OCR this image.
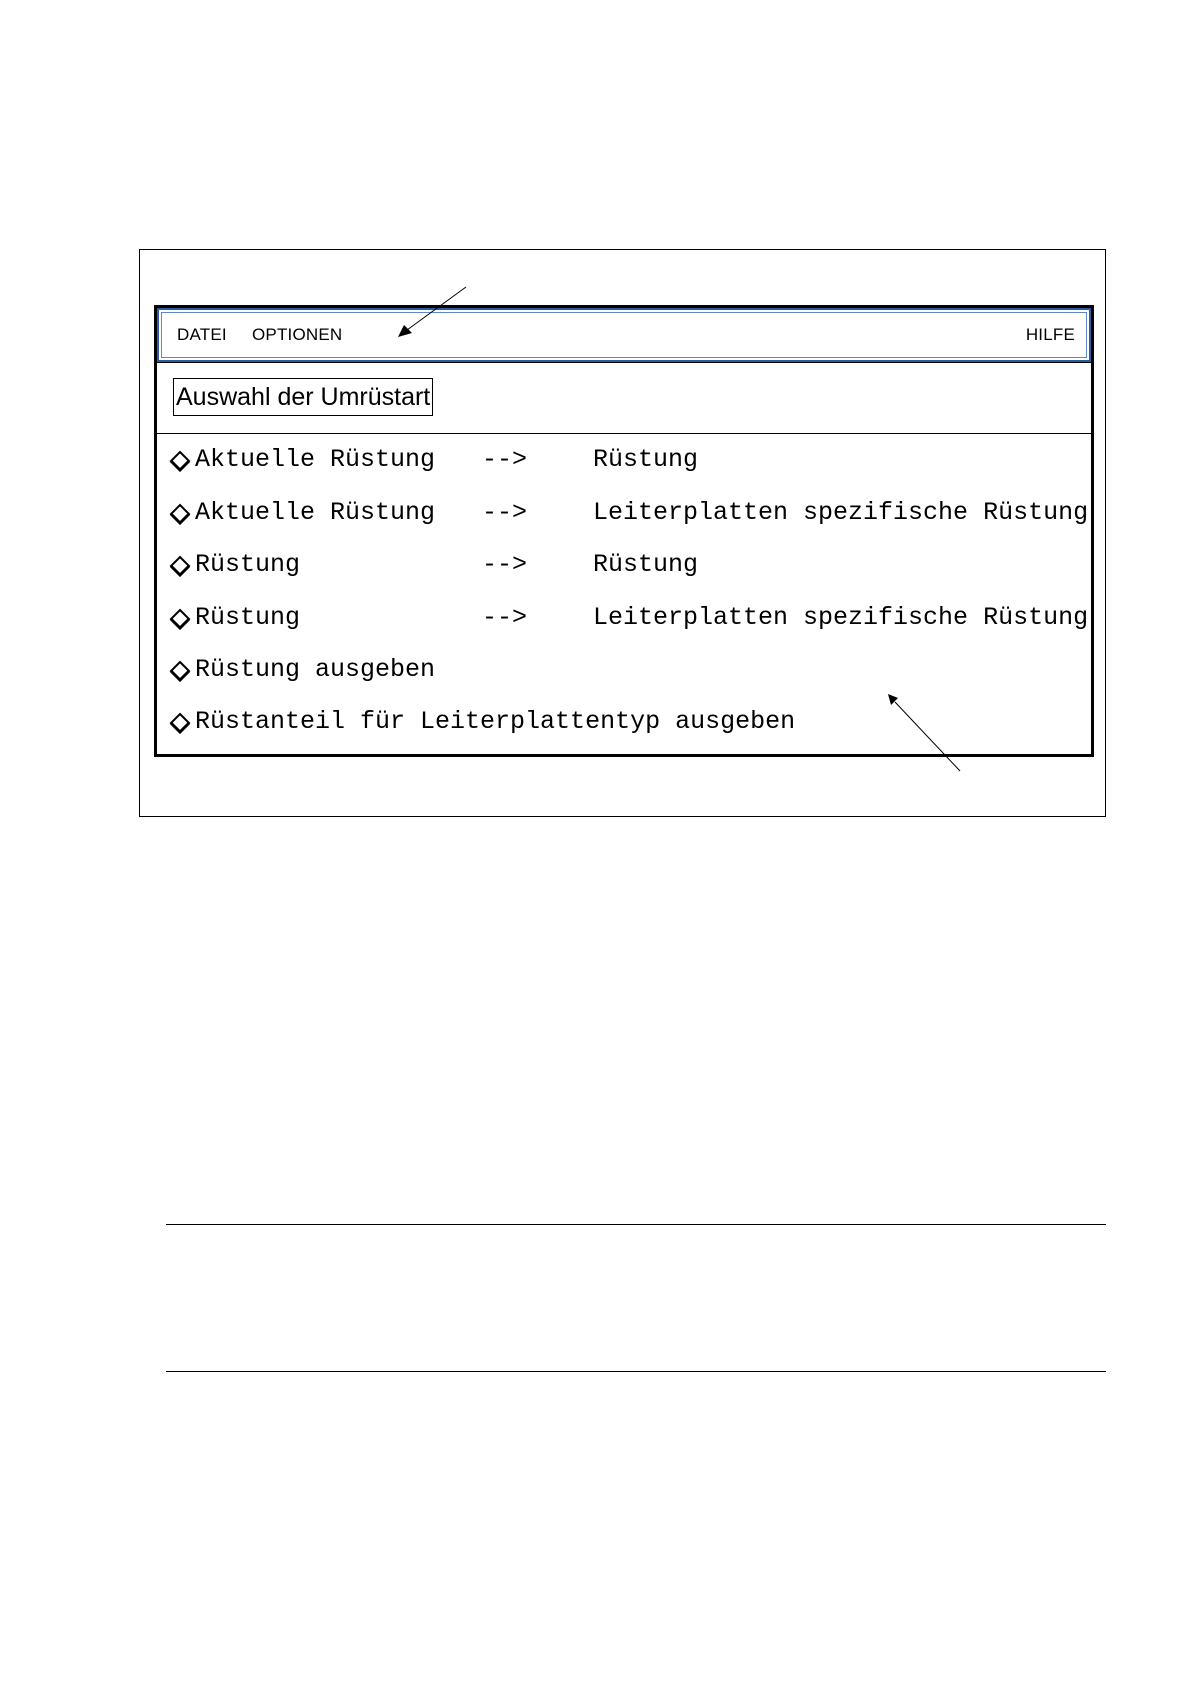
DATEI OPTIONEN	HILFE
Auswahl der Umrüstart
Aktuelle Rüstung -->	Rüstung
Aktuelle Rüstung -->	Leiterplatten spezifische Rüstung
Rüstung	-->	Rüstung
Rüstung	-->	Leiterplatten spezifische Rüstung
Rüstung ausgeben
Rüstanteil für Leiterplattentyp ausgeben
